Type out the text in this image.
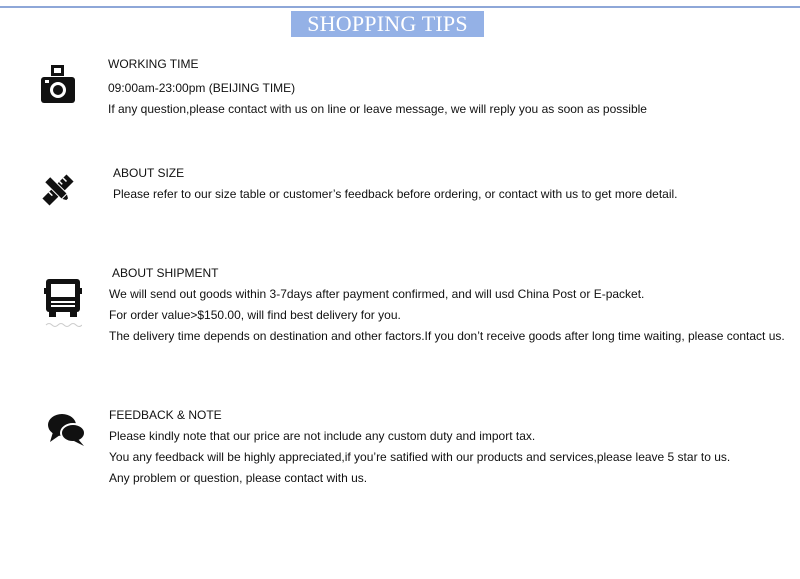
SHOPPING TIPS
WORKING TIME
09:00am-23:00pm (BEIJING TIME)
If any question,please contact with us on line or leave message, we will reply you as soon as possible
ABOUT SIZE
Please refer to our size table or customer’s feedback before ordering, or contact with us to get more detail.
ABOUT SHIPMENT
We will send out goods within 3-7days after payment confirmed, and will usd China Post or E-packet.
For order value>$150.00, will find best delivery for you.
The delivery time depends on destination and other factors.If you don’t receive goods after long time waiting, please contact us.
FEEDBACK & NOTE
Please kindly note that our price are not include any custom duty and import tax.
You any feedback will be highly appreciated,if you’re satified with our products and services,please leave 5 star to us.
Any problem or question, please contact with us.
